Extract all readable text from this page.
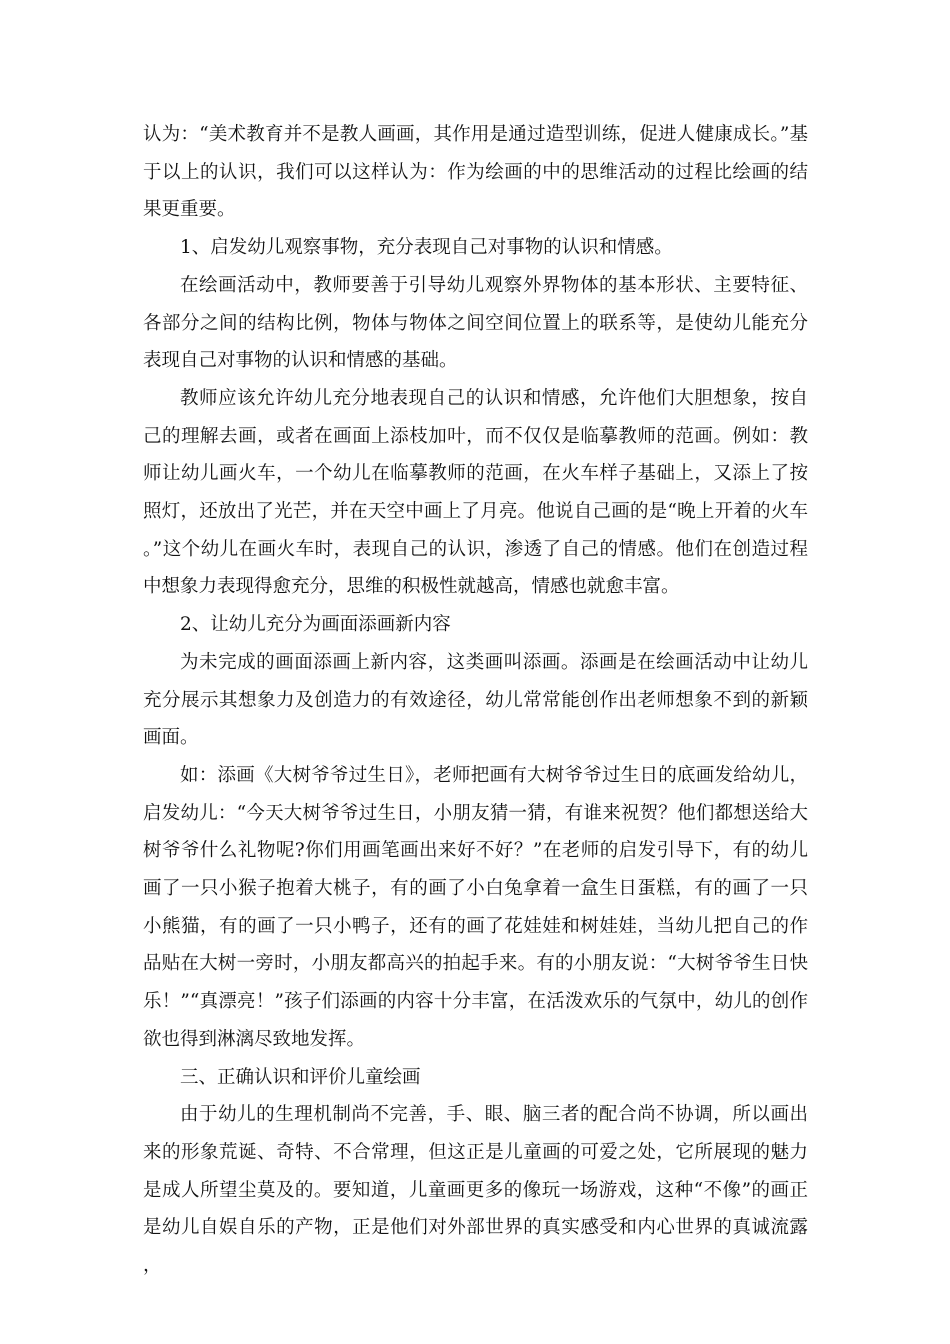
认为：“美术教育并不是教人画画，其作用是通过造型训练，促进人健康成长。”基于以上的认识，我们可以这样认为：作为绘画的中的思维活动的过程比绘画的结果更重要。

1、启发幼儿观察事物，充分表现自己对事物的认识和情感。

在绘画活动中，教师要善于引导幼儿观察外界物体的基本形状、主要特征、各部分之间的结构比例，物体与物体之间空间位置上的联系等，是使幼儿能充分表现自己对事物的认识和情感的基础。

教师应该允许幼儿充分地表现自己的认识和情感，允许他们大胆想象，按自己的理解去画，或者在画面上添枝加叶，而不仅仅是临摹教师的范画。例如：教师让幼儿画火车，一个幼儿在临摹教师的范画，在火车样子基础上，又添上了按照灯，还放出了光芒，并在天空中画上了月亮。他说自己画的是“晚上开着的火车。”这个幼儿在画火车时，表现自己的认识，渗透了自己的情感。他们在创造过程中想象力表现得愈充分，思维的积极性就越高，情感也就愈丰富。

2、让幼儿充分为画面添画新内容

为未完成的画面添画上新内容，这类画叫添画。添画是在绘画活动中让幼儿充分展示其想象力及创造力的有效途径，幼儿常常能创作出老师想象不到的新颖画面。

如：添画《大树爷爷过生日》，老师把画有大树爷爷过生日的底画发给幼儿，启发幼儿：“今天大树爷爷过生日，小朋友猜一猜，有谁来祝贺？他们都想送给大树爷爷什么礼物呢?你们用画笔画出来好不好？”在老师的启发引导下，有的幼儿画了一只小猴子抱着大桃子，有的画了小白兔拿着一盒生日蛋糕，有的画了一只小熊猫，有的画了一只小鸭子，还有的画了花娃娃和树娃娃，当幼儿把自己的作品贴在大树一旁时，小朋友都高兴的拍起手来。有的小朋友说：“大树爷爷生日快乐！”“真漂亮！”孩子们添画的内容十分丰富，在活泼欢乐的气氛中，幼儿的创作欲也得到淋漓尽致地发挥。

三、正确认识和评价儿童绘画

由于幼儿的生理机制尚不完善，手、眼、脑三者的配合尚不协调，所以画出来的形象荒诞、奇特、不合常理，但这正是儿童画的可爱之处，它所展现的魅力是成人所望尘莫及的。要知道，儿童画更多的像玩一场游戏，这种“不像”的画正是幼儿自娱自乐的产物，正是他们对外部世界的真实感受和内心世界的真诚流露，
